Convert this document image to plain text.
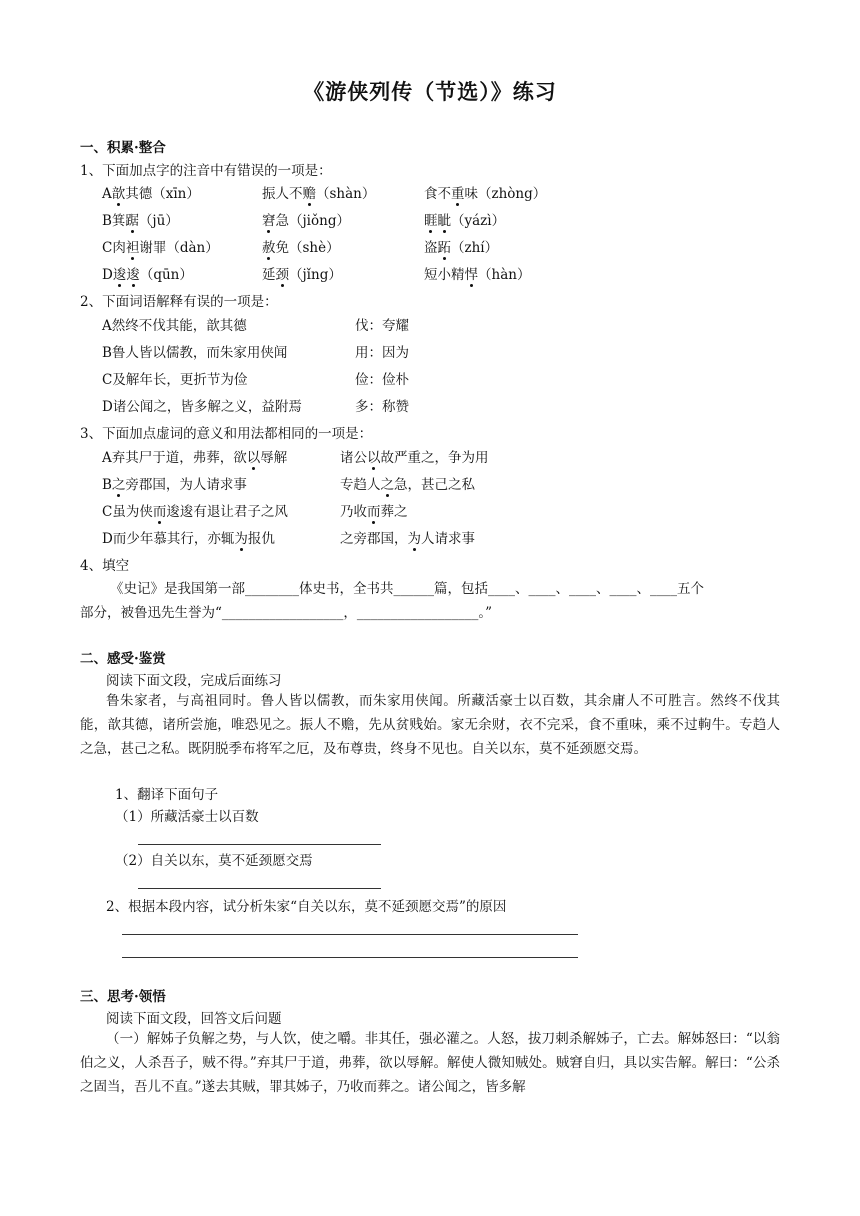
《游侠列传（节选）》练习
一、积累·整合
1、下面加点字的注音中有错误的一项是：
A歆其德（xīn）	振人不赡（shàn）	食不重味（zhòng）
B箕踞（jū）	窘急（jiǒng）	睚眦（yázì）
C肉袒谢罪（dàn）	赦免（shè）	盗跖（zhí）
D逡逡（qūn）	延颈（jǐng）	短小精悍（hàn）
2、下面词语解释有误的一项是：
A然终不伐其能，歆其德	伐：夸耀
B鲁人皆以儒教，而朱家用侠闻	用：因为
C及解年长，更折节为俭	俭：俭朴
D诸公闻之，皆多解之义，益附焉	多：称赞
3、下面加点虚词的意义和用法都相同的一项是：
A弃其尸于道，弗葬，欲以辱解	诸公以故严重之，争为用
B之旁郡国，为人请求事	专趋人之急，甚己之私
C虽为侠而逡逡有退让君子之风	乃收而葬之
D而少年慕其行，亦辄为报仇	之旁郡国，为人请求事
4、填空
《史记》是我国第一部________体史书，全书共______篇，包括____、____、____、____、____五个
部分，被鲁迅先生誉为“__________________，__________________。”
二、感受·鉴赏
阅读下面文段，完成后面练习
鲁朱家者，与高祖同时。鲁人皆以儒教，而朱家用侠闻。所藏活豪士以百数，其余庸人不可胜言。然终不伐其能，歆其德，诸所尝施，唯恐见之。振人不赡，先从贫贱始。家无余财，衣不完采，食不重味，乘不过軥牛。专趋人之急，甚己之私。既阴脱季布将军之厄，及布尊贵，终身不见也。自关以东，莫不延颈愿交焉。
1、翻译下面句子
（1）所藏活豪士以百数
（2）自关以东，莫不延颈愿交焉
2、根据本段内容，试分析朱家“自关以东，莫不延颈愿交焉”的原因
三、思考·领悟
阅读下面文段，回答文后问题
（一）解姊子负解之势，与人饮，使之嚼。非其任，强必灌之。人怒，拔刀刺杀解姊子，亡去。解姊怒曰：“以翁伯之义，人杀吾子，贼不得。”弃其尸于道，弗葬，欲以辱解。解使人微知贼处。贼窘自归，具以实告解。解曰：“公杀之固当，吾儿不直。”遂去其贼，罪其姊子，乃收而葬之。诸公闻之，皆多解
